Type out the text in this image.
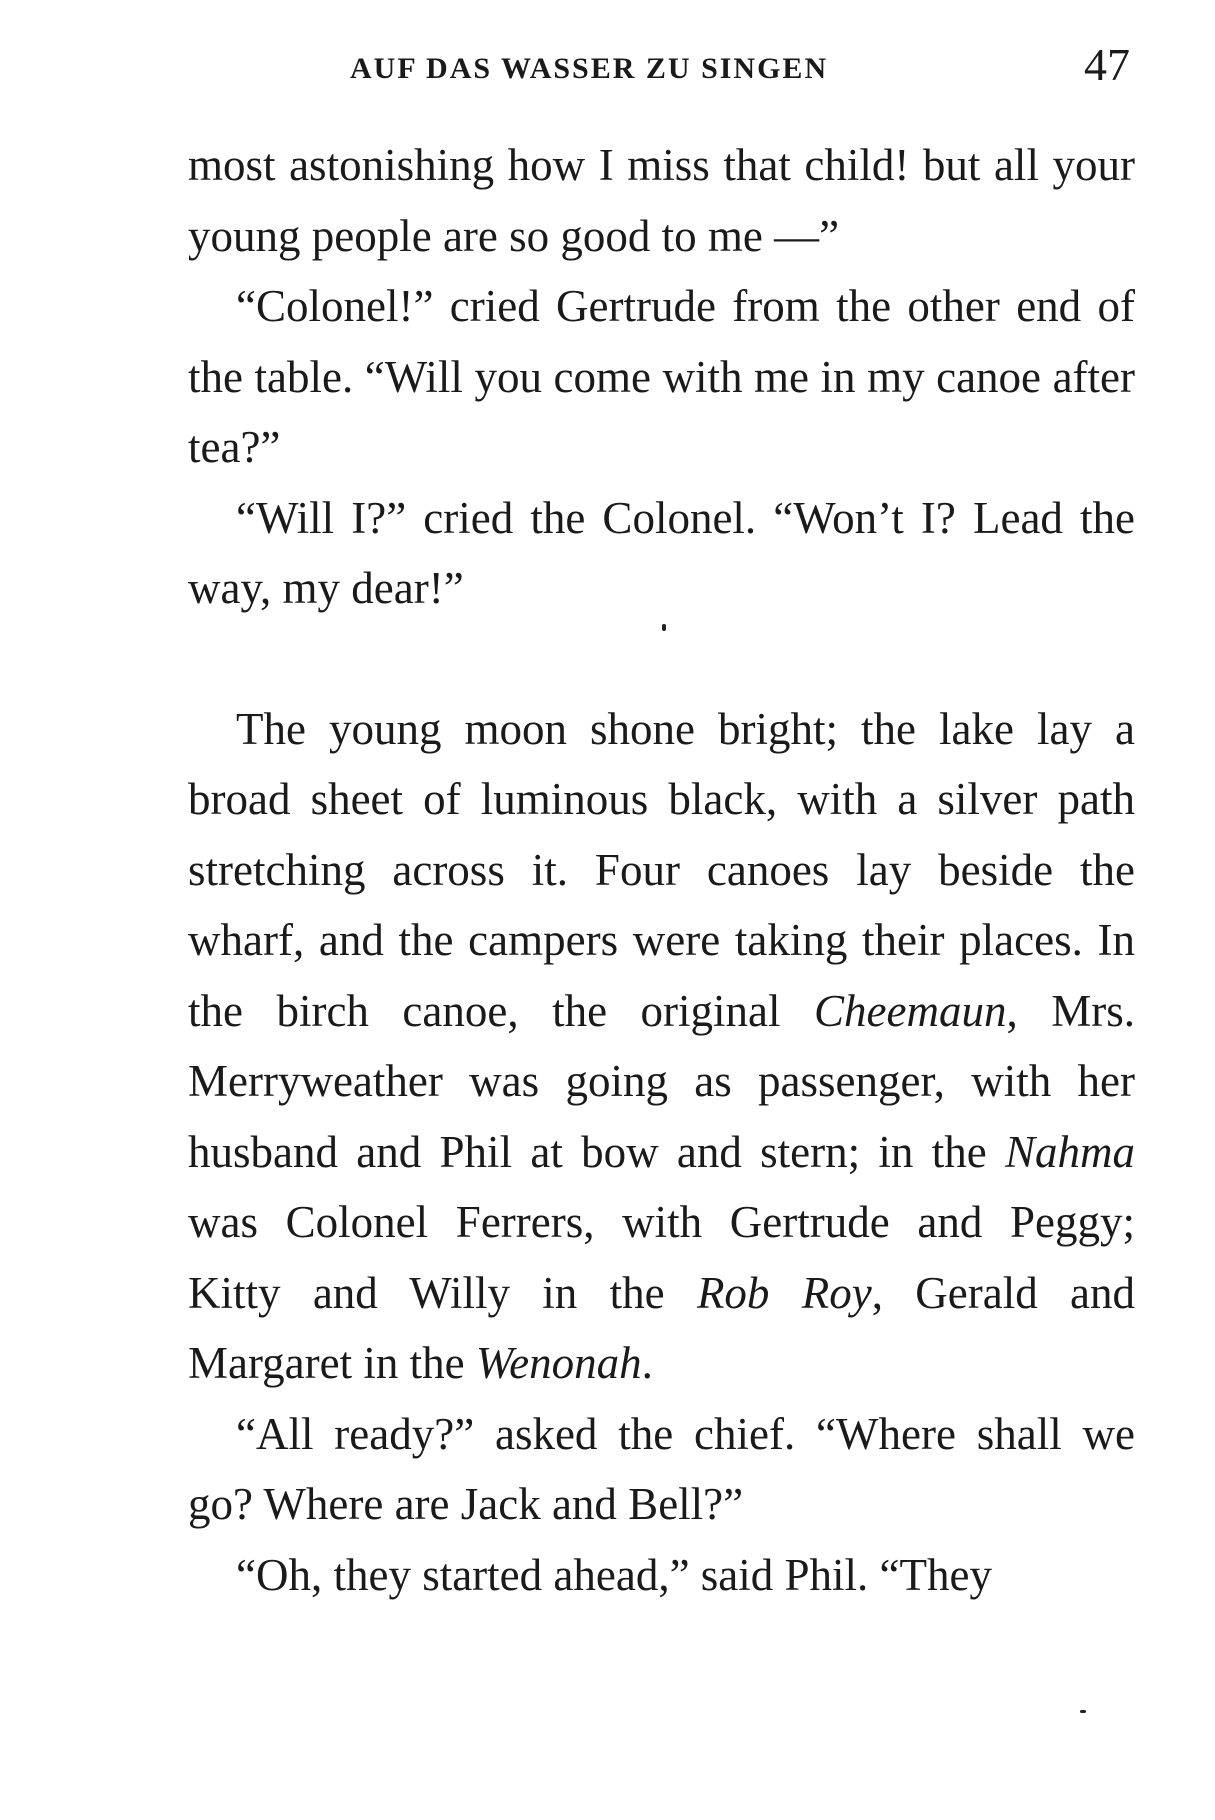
AUF DAS WASSER ZU SINGEN	47

most astonishing how I miss that child! but all your young people are so good to me —”

“Colonel!” cried Gertrude from the other end of the table. “Will you come with me in my canoe after tea?”

“Will I?” cried the Colonel. “Won’t I? Lead the way, my dear!”

The young moon shone bright; the lake lay a broad sheet of luminous black, with a silver path stretching across it. Four canoes lay beside the wharf, and the campers were taking their places. In the birch canoe, the original Cheemaun, Mrs. Merryweather was going as passenger, with her husband and Phil at bow and stern; in the Nahma was Colonel Ferrers, with Gertrude and Peggy; Kitty and Willy in the Rob Roy, Gerald and Margaret in the Wenonah.

“All ready?” asked the chief. “Where shall we go? Where are Jack and Bell?”

“Oh, they started ahead,” said Phil. “They
